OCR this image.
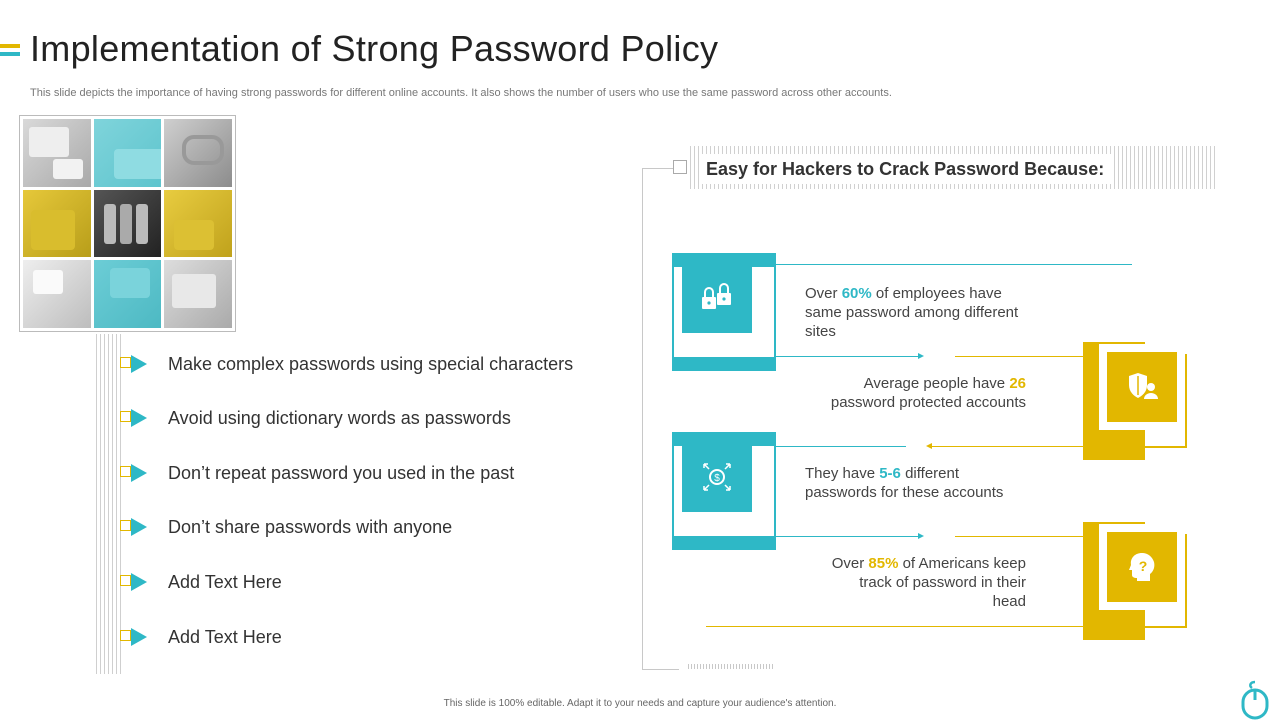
Implementation of Strong Password Policy
This slide depicts the importance of having strong passwords for different online accounts. It also shows the number of users who use the same password across other accounts.
Make complex passwords using special characters
Avoid using dictionary words as passwords
Don’t repeat password you used in the past
Don’t share passwords with anyone
Add Text Here
Add Text Here
Easy for Hackers to Crack Password Because:
Over 60% of employees have same password among different sites
Average people have 26 password protected accounts
$	They have 5-6 different passwords for these accounts
?
Over 85% of Americans keep track of password in their head
This slide is 100% editable. Adapt it to your needs and capture your audience's attention.
